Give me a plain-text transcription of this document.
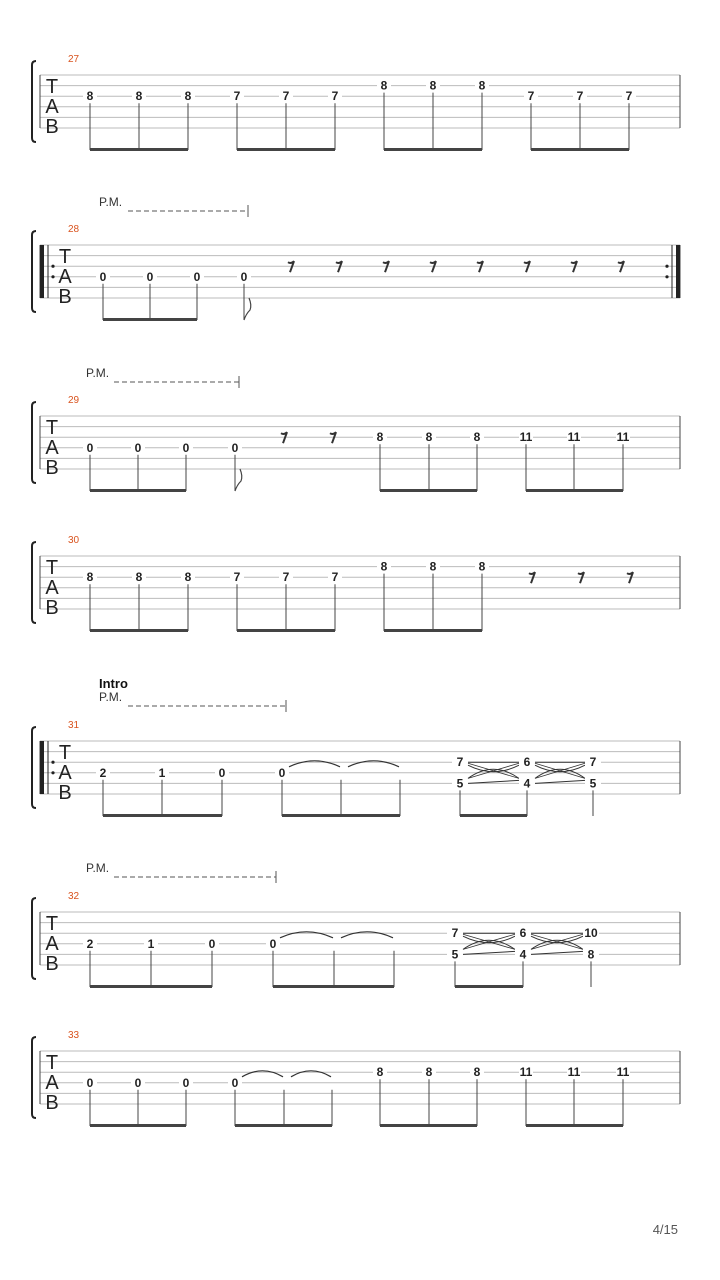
T
A
B
27
8	8	8	7	7	7
8	8	8
7	7	7
T
A
B
28
P.M.
0	0	0	0
T
A
B
29
P.M.
0	0	0	0
8	8	8	11	11	11
T
A
B
30
8	8	8	7	7	7
8	8	8
T
A
B
31
Intro
P.M.
2	1	0	0
7
5
6
4
7
5
T
A
B
32
P.M.
2	1	0	0
7
5
6
4
10
8
T
A
B
33
0	0	0	0
8	8	8	11	11	11
4/15
